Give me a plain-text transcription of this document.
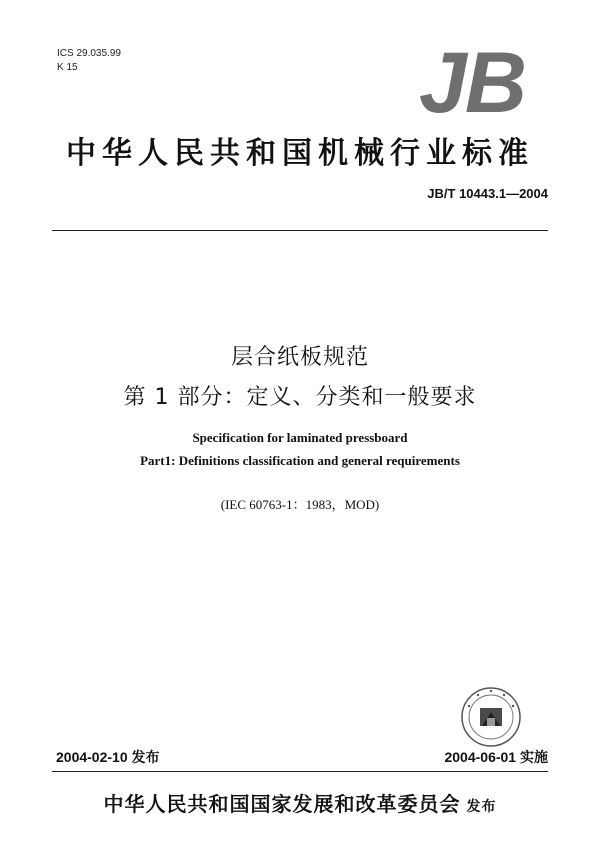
ICS 29.035.99
K 15	JB
中华人民共和国机械行业标准
JB/T 10443.1—2004
层合纸板规范
第 1 部分：定义、分类和一般要求
Specification for laminated pressboard
Part1: Definitions classification and general requirements
(IEC 60763-1：1983，MOD)
2004-02-10 发布	2004-06-01 实施
中华人民共和国国家发展和改革委员会 发布
